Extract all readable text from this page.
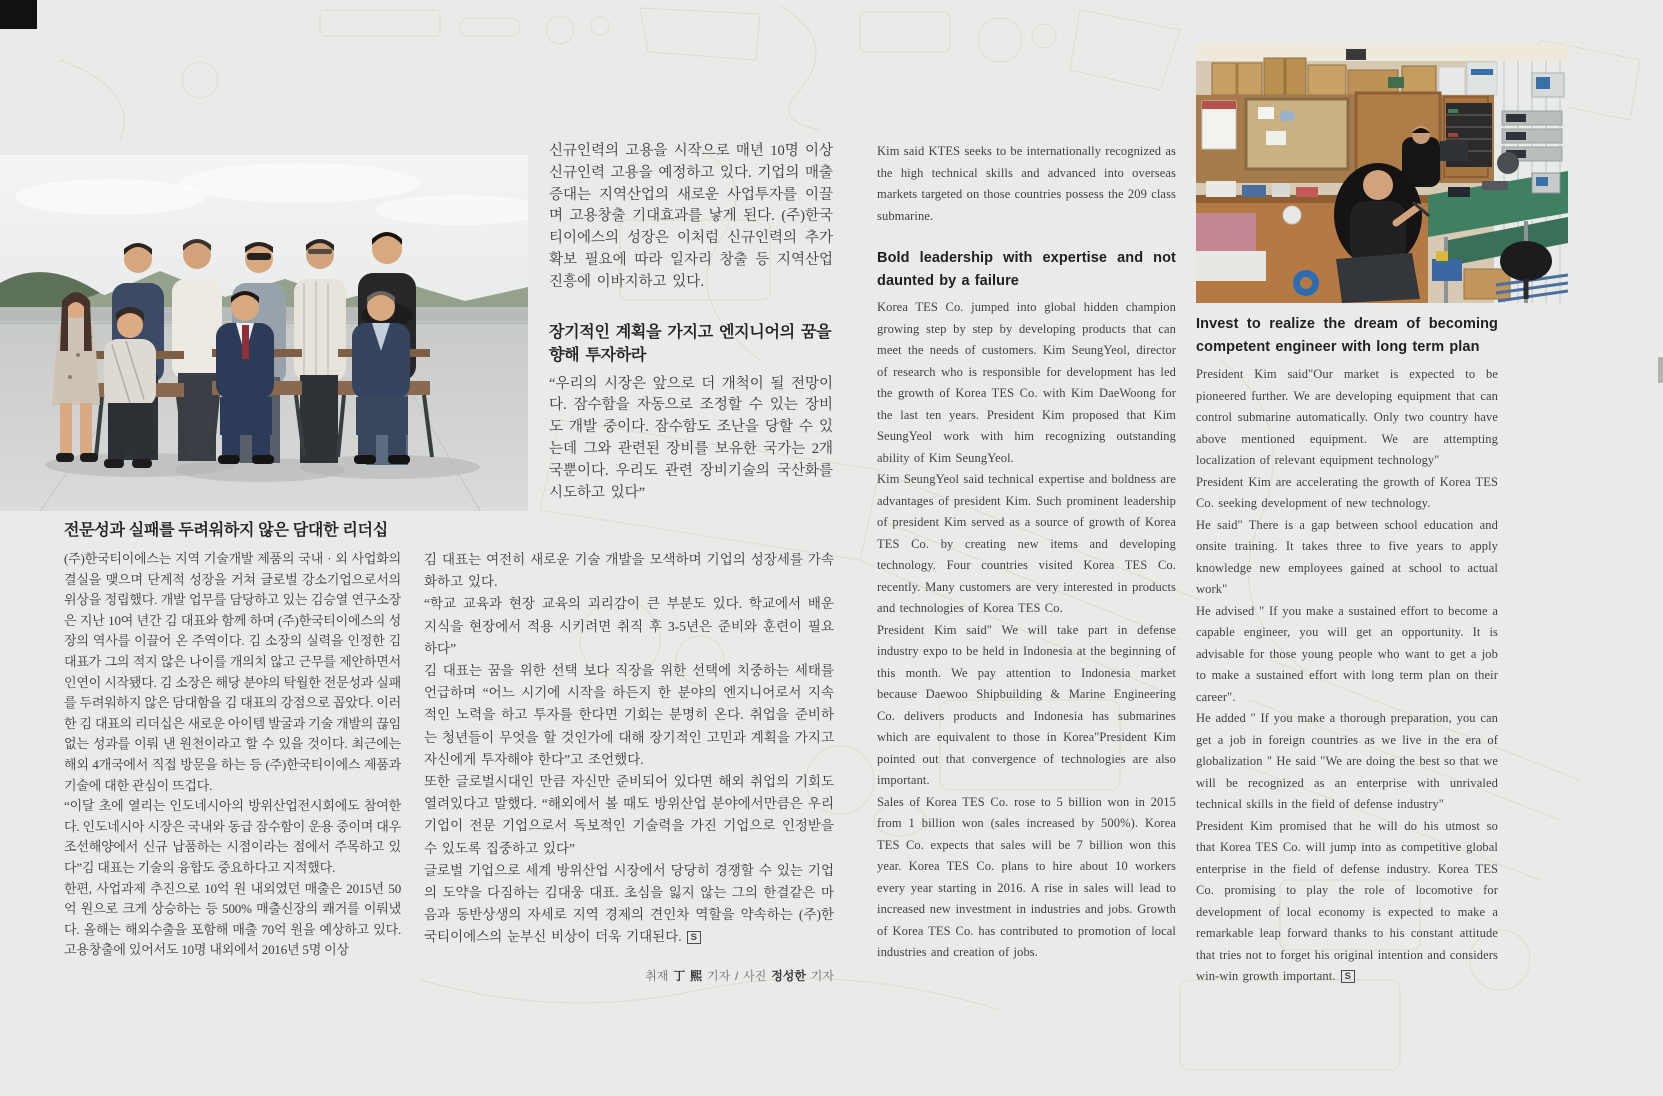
신규인력의 고용을 시작으로 매년 10명 이상 신규인력 고용을 예정하고 있다. 기업의 매출 증대는 지역산업의 새로운 사업투자를 이끌며 고용창출 기대효과를 낳게 된다. (주)한국티이에스의 성장은 이처럼 신규인력의 추가 확보 필요에 따라 일자리 창출 등 지역산업진흥에 이바지하고 있다.

장기적인 계획을 가지고 엔지니어의 꿈을 향해 투자하라

“우리의 시장은 앞으로 더 개척이 될 전망이다. 잠수함을 자동으로 조정할 수 있는 장비도 개발 중이다. 잠수함도 조난을 당할 수 있는데 그와 관련된 장비를 보유한 국가는 2개국뿐이다. 우리도 관련 장비기술의 국산화를 시도하고 있다”

전문성과 실패를 두려워하지 않은 담대한 리더십

(주)한국티이에스는 지역 기술개발 제품의 국내 · 외 사업화의 결실을 맺으며 단계적 성장을 거쳐 글로벌 강소기업으로서의 위상을 정립했다. 개발 업무를 담당하고 있는 김승열 연구소장은 지난 10여 년간 김 대표와 함께 하며 (주)한국티이에스의 성장의 역사를 이끌어 온 주역이다. 김 소장의 실력을 인정한 김 대표가 그의 적지 않은 나이를 개의치 않고 근무를 제안하면서 인연이 시작됐다. 김 소장은 해당 분야의 탁월한 전문성과 실패를 두려워하지 않은 담대함을 김 대표의 강점으로 꼽았다. 이러한 김 대표의 리더십은 새로운 아이템 발굴과 기술 개발의 끊임없는 성과를 이뤄 낸 원천이라고 할 수 있을 것이다. 최근에는 해외 4개국에서 직접 방문을 하는 등 (주)한국티이에스 제품과 기술에 대한 관심이 뜨겁다.

“이달 초에 열리는 인도네시아의 방위산업전시회에도 참여한다. 인도네시아 시장은 국내와 동급 잠수함이 운용 중이며 대우조선해양에서 신규 납품하는 시점이라는 점에서 주목하고 있다”김 대표는 기술의 융합도 중요하다고 지적했다.

한편, 사업과제 추진으로 10억 원 내외였던 매출은 2015년 50억 원으로 크게 상승하는 등 500% 매출신장의 쾌거를 이뤄냈다. 올해는 해외수출을 포함해 매출 70억 원을 예상하고 있다. 고용창출에 있어서도 10명 내외에서 2016년 5명 이상

김 대표는 여전히 새로운 기술 개발을 모색하며 기업의 성장세를 가속화하고 있다.

“학교 교육과 현장 교육의 괴리감이 큰 부분도 있다. 학교에서 배운 지식을 현장에서 적용 시키려면 취직 후 3-5년은 준비와 훈련이 필요하다”

김 대표는 꿈을 위한 선택 보다 직장을 위한 선택에 치중하는 세태를 언급하며 “어느 시기에 시작을 하든지 한 분야의 엔지니어로서 지속적인 노력을 하고 투자를 한다면 기회는 분명히 온다. 취업을 준비하는 청년들이 무엇을 할 것인가에 대해 장기적인 고민과 계획을 가지고 자신에게 투자해야 한다”고 조언했다.

또한 글로벌시대인 만큼 자신만 준비되어 있다면 해외 취업의 기회도 열려있다고 말했다. “해외에서 볼 때도 방위산업 분야에서만큼은 우리 기업이 전문 기업으로서 독보적인 기술력을 가진 기업으로 인정받을 수 있도록 집중하고 있다”

글로벌 기업으로 세계 방위산업 시장에서 당당히 경쟁할 수 있는 기업의 도약을 다짐하는 김대웅 대표. 초심을 잃지 않는 그의 한결같은 마음과 동반상생의 자세로 지역 경제의 견인차 역할을 약속하는 (주)한국티이에스의 눈부신 비상이 더욱 기대된다. S

취재 丁 熙 기자 / 사진 정성한 기자

Kim said KTES seeks to be internationally recognized as the high technical skills and advanced into overseas markets targeted on those countries possess the 209 class submarine.

Bold leadership with expertise and not daunted by a failure

Korea TES Co. jumped into global hidden champion growing step by step by developing products that can meet the needs of customers. Kim SeungYeol, director of research who is responsible for development has led the growth of Korea TES Co. with Kim DaeWoong for the last ten years. President Kim proposed that Kim SeungYeol work with him recognizing outstanding ability of Kim SeungYeol.

Kim SeungYeol said technical expertise and boldness are advantages of president Kim. Such prominent leadership of president Kim served as a source of growth of Korea TES Co. by creating new items and developing technology. Four countries visited Korea TES Co. recently. Many customers are very interested in products and technologies of Korea TES Co.

President Kim said" We will take part in defense industry expo to be held in Indonesia at the beginning of this month. We pay attention to Indonesia market because Daewoo Shipbuilding & Marine Engineering Co. delivers products and Indonesia has submarines which are equivalent to those in Korea"President Kim pointed out that convergence of technologies are also important.

Sales of Korea TES Co. rose to 5 billion won in 2015 from 1 billion won (sales increased by 500%). Korea TES Co. expects that sales will be 7 billion won this year. Korea TES Co. plans to hire about 10 workers every year starting in 2016. A rise in sales will lead to increased new investment in industries and jobs. Growth of Korea TES Co. has contributed to promotion of local industries and creation of jobs.

Invest to realize the dream of becoming competent engineer with long term plan

President Kim said"Our market is expected to be pioneered further. We are developing equipment that can control submarine automatically. Only two country have above mentioned equipment. We are attempting localization of relevant equipment technology"

President Kim are accelerating the growth of Korea TES Co. seeking development of new technology.

He said" There is a gap between school education and onsite training. It takes three to five years to apply knowledge new employees gained at school to actual work"

He advised " If you make a sustained effort to become a capable engineer, you will get an opportunity. It is advisable for those young people who want to get a job to make a sustained effort with long term plan on their career".

He added " If you make a thorough preparation, you can get a job in foreign countries as we live in the era of globalization " He said "We are doing the best so that we will be recognized as an enterprise with unrivaled technical skills in the field of defense industry"

President Kim promised that he will do his utmost so that Korea TES Co. will jump into as competitive global enterprise in the field of defense industry. Korea TES Co. promising to play the role of locomotive for development of local economy is expected to make a remarkable leap forward thanks to his constant attitude that tries not to forget his original intention and considers win-win growth important. S
